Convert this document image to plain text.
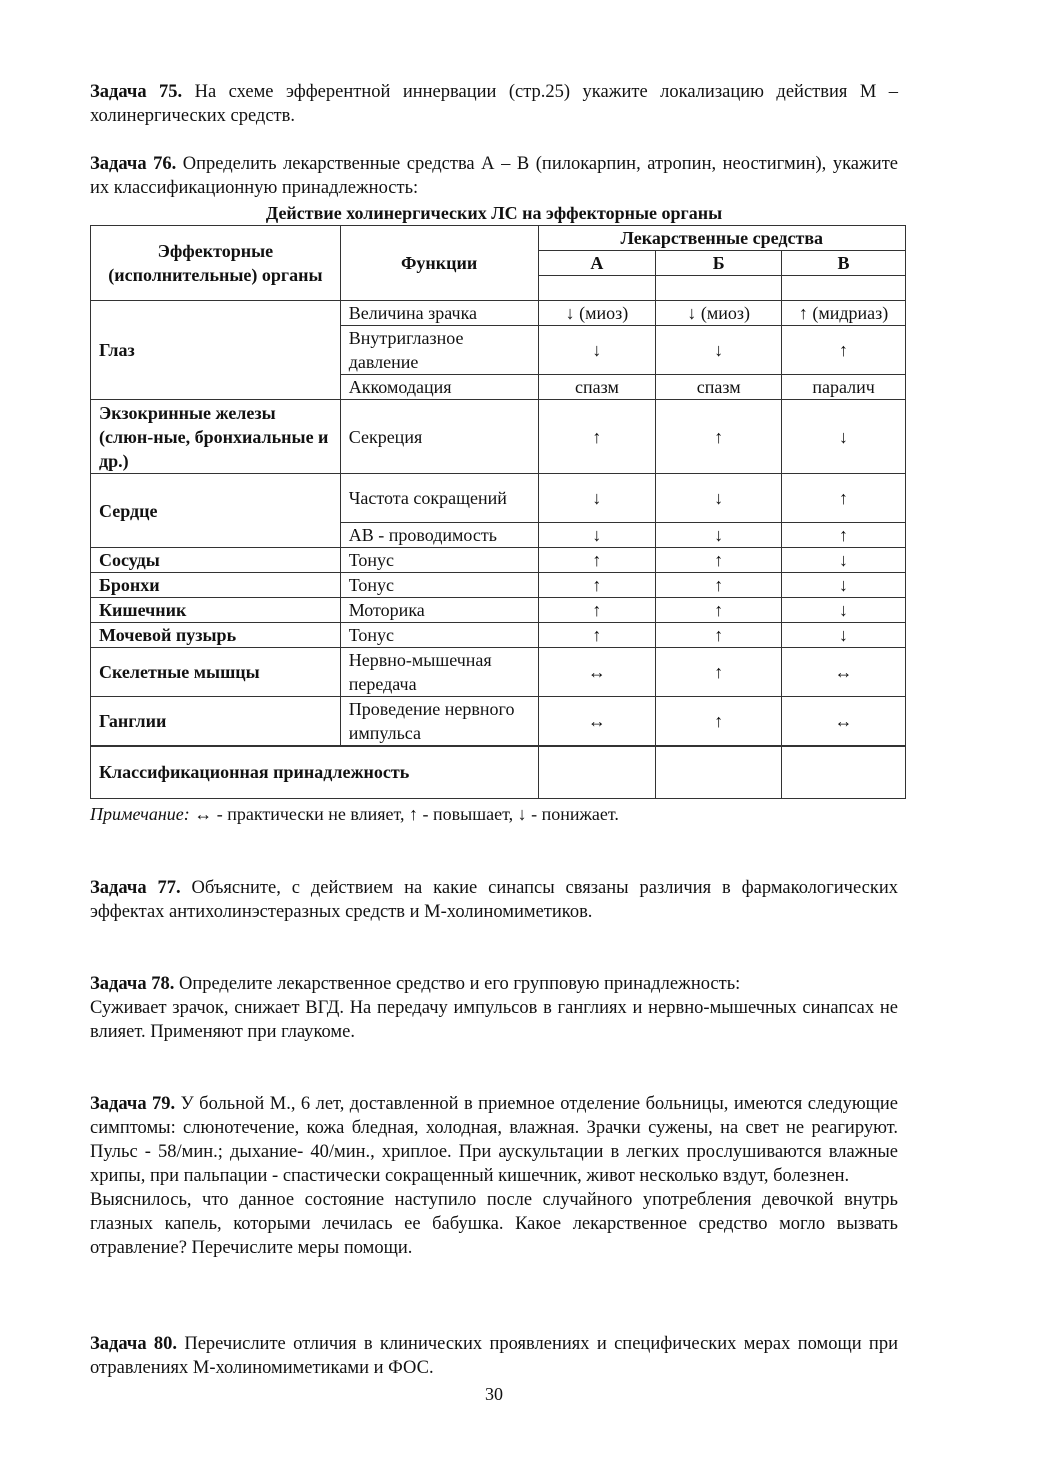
Задача 75. На схеме эфферентной иннервации (стр.25) укажите локализацию действия М – холинергических средств.

Задача 76. Определить лекарственные средства А – В (пилокарпин, атропин, неостигмин), укажите их классификационную принадлежность:

Действие холинергических ЛС на эффекторные органы
Эффекторные (исполнительные) органы	Функции	Лекарственные средства		
		А	Б	В

Глаз	Величина зрачка	↓ (миоз)	↓ (миоз)	↑ (мидриаз)
	Внутриглазное давление	↓	↓	↑
	Аккомодация	спазм	спазм	паралич
Экзокринные железы (слюн-ные, бронхиальные и др.)	Секреция	↑	↑	↓
Сердце	Частота сокращений	↓	↓	↑
	АВ - проводимость	↓	↓	↑
Сосуды	Тонус	↑	↑	↓
Бронхи	Тонус	↑	↑	↓
Кишечник	Моторика	↑	↑	↓
Мочевой пузырь	Тонус	↑	↑	↓
Скелетные мышцы	Нервно-мышечная передача	↔	↑	↔
Ганглии	Проведение нервного импульса	↔	↑	↔
Классификационная принадлежность				

Примечание: ↔ - практически не влияет, ↑ - повышает, ↓ - понижает.

Задача 77. Объясните, с действием на какие синапсы связаны различия в фармакологических эффектах антихолинэстеразных средств и М-холиномиметиков.

Задача 78. Определите лекарственное средство и его групповую принадлежность:

Суживает зрачок, снижает ВГД. На передачу импульсов в ганглиях и нервно-мышечных синапсах не влияет. Применяют при глаукоме.

Задача 79. У больной М., 6 лет, доставленной в приемное отделение больницы, имеются следующие симптомы: слюнотечение, кожа бледная, холодная, влажная. Зрачки сужены, на свет не реагируют. Пульс - 58/мин.; дыхание- 40/мин., хриплое. При аускультации в легких прослушиваются влажные хрипы, при пальпации - спастически сокращенный кишечник, живот несколько вздут, болезнен.

Выяснилось, что данное состояние наступило после случайного употребления девочкой внутрь глазных капель, которыми лечилась ее бабушка. Какое лекарственное средство могло вызвать отравление? Перечислите меры помощи.

Задача 80. Перечислите отличия в клинических проявлениях и специфических мерах помощи при отравлениях М-холиномиметиками и ФОС.

30
